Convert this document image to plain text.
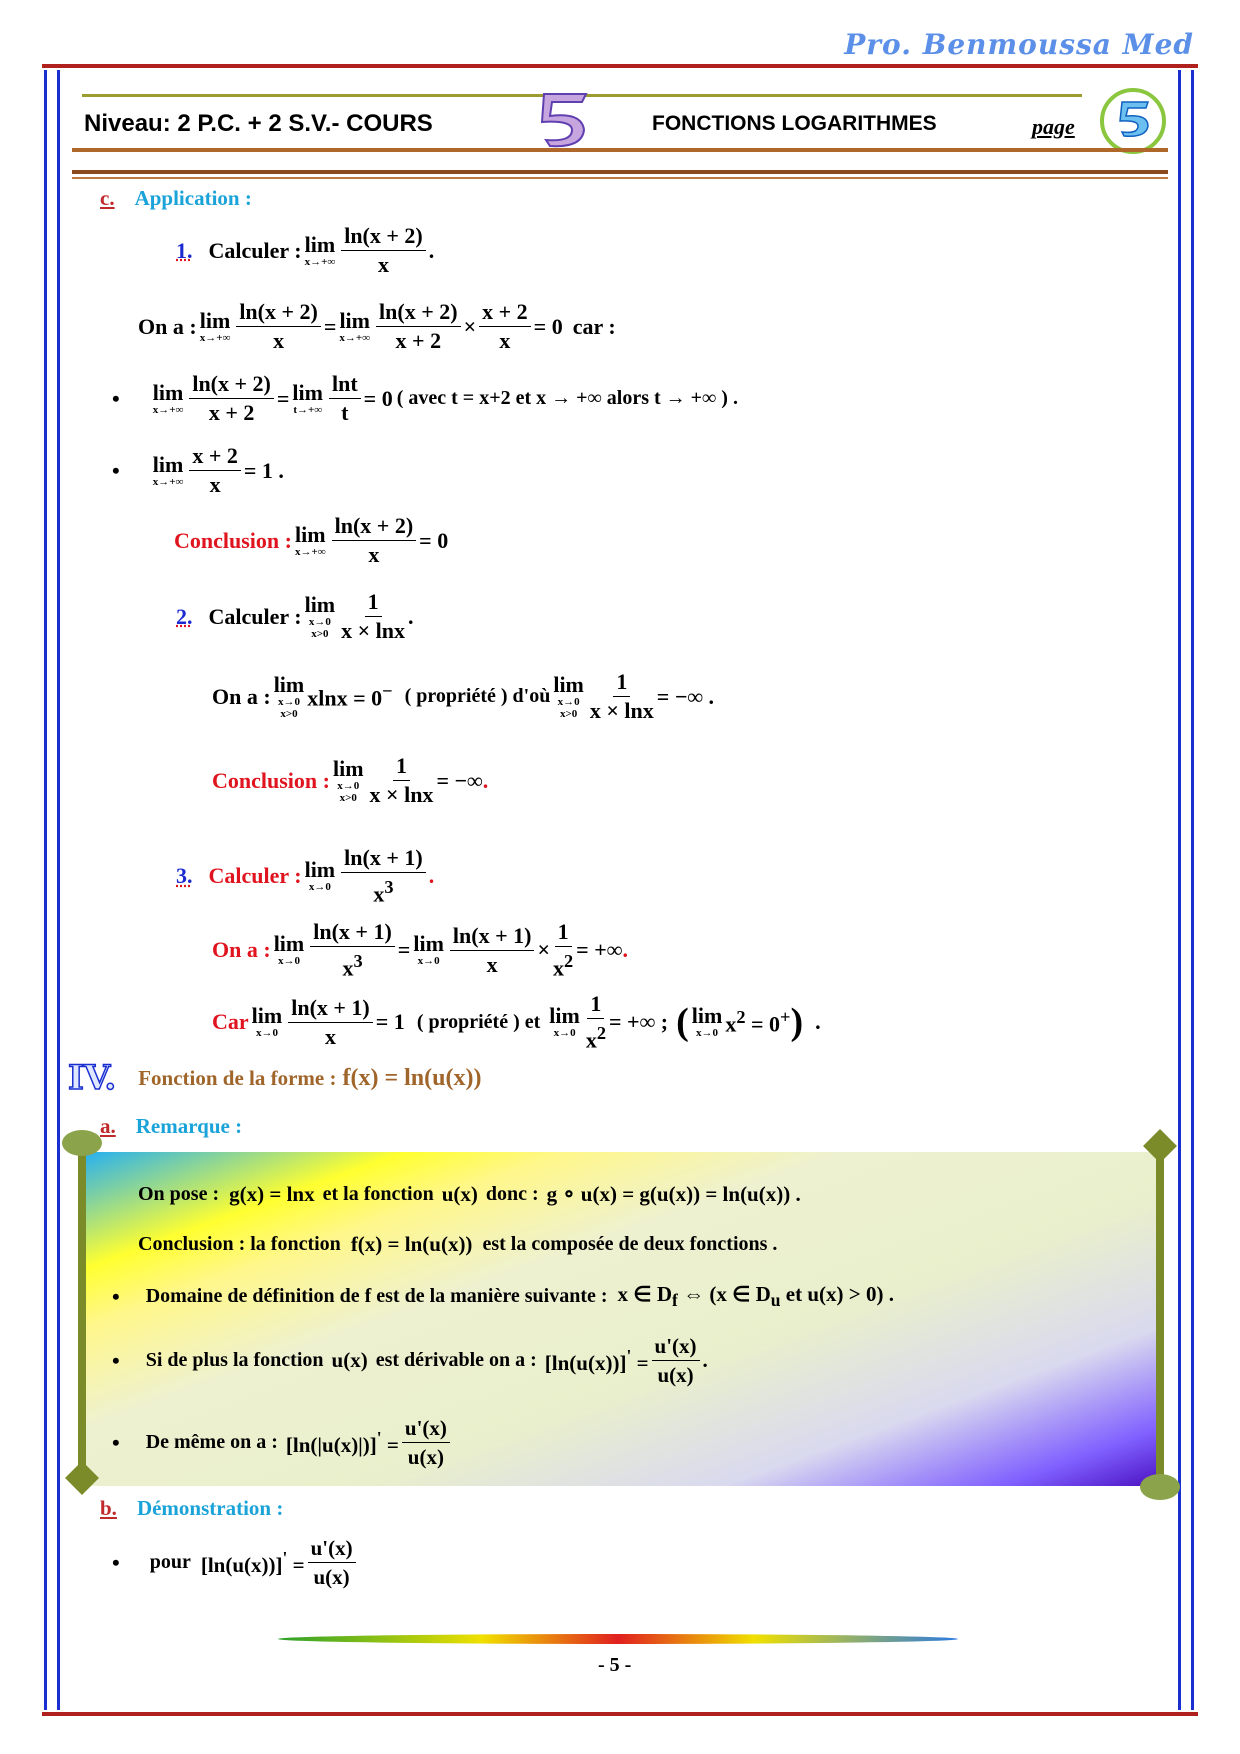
Pro. Benmoussa Med
Niveau: 2 P.C. + 2 S.V.- COURS	FONCTIONS LOGARITHMES	page
c. Application :
1. Calculer : lim
$x\to+\infty \frac{\ln(x + 2)}{x}$ .
On a : lim
$x\to+\infty \frac{\ln(x + 2)}{x} = \lim$
$x\to+\infty \frac{\ln(x + 2)}{x + 2} \times \frac{x + 2}{x} = 0$ car :
• lim
$x\to+\infty \frac{\ln(x + 2)}{x + 2} = \lim$
$t\to+\infty \frac{\ln t}{t} = 0$ ( avec t = x+2 et x → +∞ alors t → +∞ ) .
• lim
$x\to+\infty \frac{x + 2}{x} = 1$ .
Conclusion : lim
$x\to+\infty \frac{\ln(x + 2)}{x} = 0$
2. Calculer : lim
x→0
$x>0 \frac{1}{x \times \ln x}$ .
On a : lim
x→0
x>0
xlnx = 0− ( propriété ) d'où lim
x→0
$x>0 \frac{1}{x \times \ln x}$ = −∞ .
Conclusion : lim
x→0
$x>0 \frac{1}{x \times \ln x}$ = −∞ .
3. Calculer : lim
$x\to 0 \frac{\ln(x + 1)}{x^3}$ .
On a : lim
$x\to 0 \frac{\ln(x + 1)}{x^3} = \lim$
$x\to 0 \frac{\ln(x + 1)}{x} \times \frac{1}{x^2}$ = +∞ .
Car lim
$x\to 0 \frac{\ln(x + 1)}{x} = 1$ ( propriété ) et lim
$x\to 0 \frac{1}{x^2}$ = +∞ ; ( lim
x→0 $x^2 = 0^+$ ) .
IV. Fonction de la forme : f(x) = ln(u(x))
a. Remarque :
On pose : g(x) = lnx et la fonction u(x) donc : g ∘ u(x) = g(u(x)) = ln(u(x)) .
Conclusion : la fonction f(x) = ln(u(x)) est la composée de deux fonctions .
• Domaine de définition de f est de la manière suivante : x ∈ $D_f$ ⇔ (x ∈ $D_u$ et u(x) > 0) .
• Si de plus la fonction u(x) est dérivable on a : $[\ln(u(x))]' = \frac{u'(x)}{u(x)}$ .
• De même on a : $[\ln(|u(x)|)]' = \frac{u'(x)}{u(x)}$
b. Démonstration :
• pour $[\ln(u(x))]' = \frac{u'(x)}{u(x)}$
- 5 -
